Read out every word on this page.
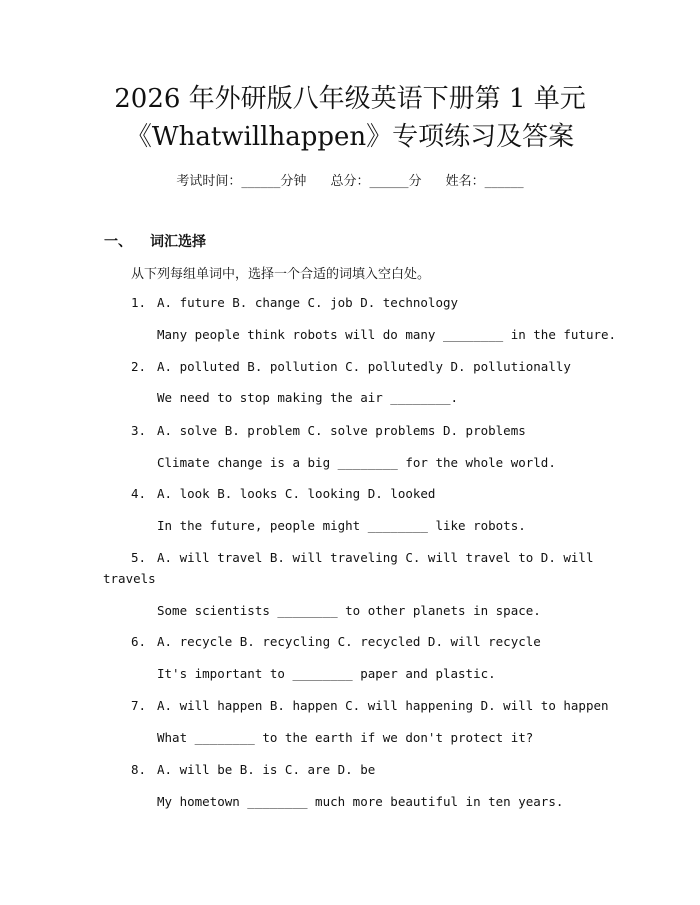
2026 年外研版八年级英语下册第 1 单元
《Whatwillhappen》专项练习及答案
考试时间：______分钟 总分：______分 姓名：______
一、 词汇选择
从下列每组单词中，选择一个合适的词填入空白处。
1. A. future B. change C. job D. technology
Many people think robots will do many ________ in the future.
2. A. polluted B. pollution C. pollutedly D. pollutionally
We need to stop making the air ________.
3. A. solve B. problem C. solve problems D. problems
Climate change is a big ________ for the whole world.
4. A. look B. looks C. looking D. looked
In the future, people might ________ like robots.
5. A. will travel B. will traveling C. will travel to D. will
travels
Some scientists ________ to other planets in space.
6. A. recycle B. recycling C. recycled D. will recycle
It's important to ________ paper and plastic.
7. A. will happen B. happen C. will happening D. will to happen
What ________ to the earth if we don't protect it?
8. A. will be B. is C. are D. be
My hometown ________ much more beautiful in ten years.
